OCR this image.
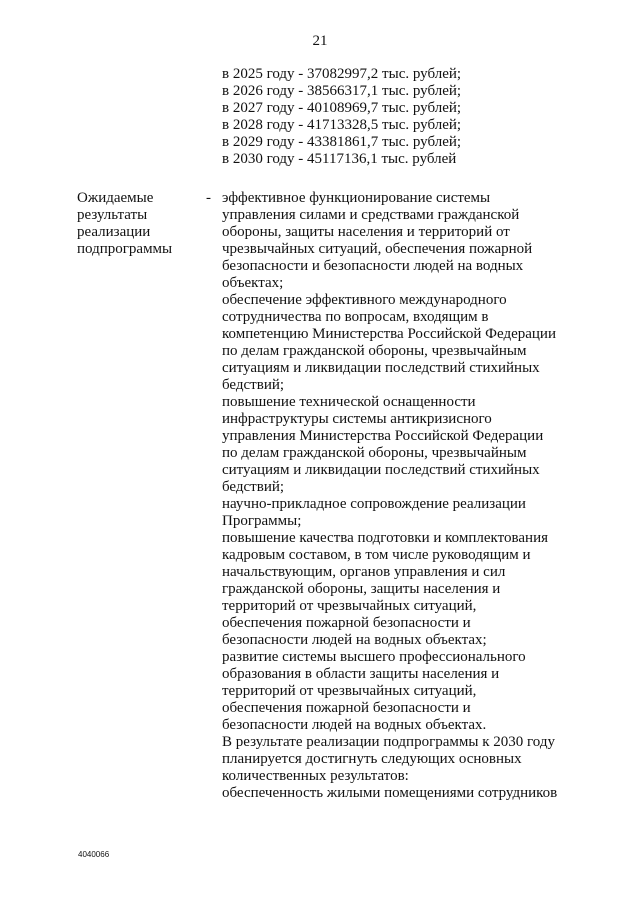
21
в 2025 году - 37082997,2 тыс. рублей;
в 2026 году - 38566317,1 тыс. рублей;
в 2027 году - 40108969,7 тыс. рублей;
в 2028 году - 41713328,5 тыс. рублей;
в 2029 году - 43381861,7 тыс. рублей;
в 2030 году - 45117136,1 тыс. рублей
Ожидаемые
результаты
реализации
подпрограммы
- эффективное функционирование системы
управления силами и средствами гражданской
обороны, защиты населения и территорий от
чрезвычайных ситуаций, обеспечения пожарной
безопасности и безопасности людей на водных
объектах;
обеспечение эффективного международного
сотрудничества по вопросам, входящим в
компетенцию Министерства Российской Федерации
по делам гражданской обороны, чрезвычайным
ситуациям и ликвидации последствий стихийных
бедствий;
повышение технической оснащенности
инфраструктуры системы антикризисного
управления Министерства Российской Федерации
по делам гражданской обороны, чрезвычайным
ситуациям и ликвидации последствий стихийных
бедствий;
научно-прикладное сопровождение реализации
Программы;
повышение качества подготовки и комплектования
кадровым составом, в том числе руководящим и
начальствующим, органов управления и сил
гражданской обороны, защиты населения и
территорий от чрезвычайных ситуаций,
обеспечения пожарной безопасности и
безопасности людей на водных объектах;
развитие системы высшего профессионального
образования в области защиты населения и
территорий от чрезвычайных ситуаций,
обеспечения пожарной безопасности и
безопасности людей на водных объектах.
В результате реализации подпрограммы к 2030 году
планируется достигнуть следующих основных
количественных результатов:
обеспеченность жилыми помещениями сотрудников
4040066
